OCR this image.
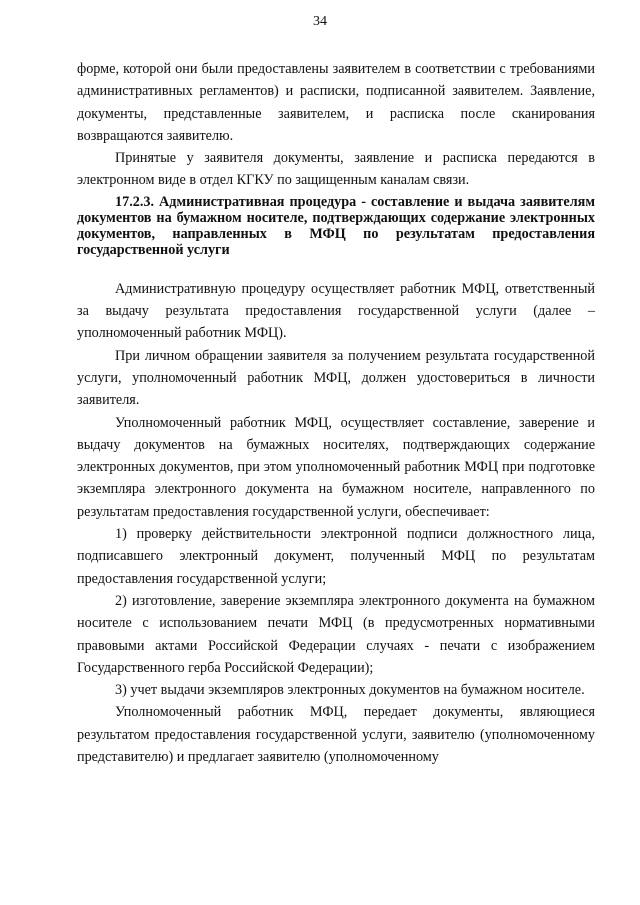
34

форме, которой они были предоставлены заявителем в соответствии с требованиями административных регламентов) и расписки, подписанной заявителем. Заявление, документы, представленные заявителем, и расписка после сканирования возвращаются заявителю.

Принятые у заявителя документы, заявление и расписка передаются в электронном виде в отдел КГКУ по защищенным каналам связи.

17.2.3. Административная процедура - составление и выдача заявителям документов на бумажном носителе, подтверждающих содержание электронных документов, направленных в МФЦ по результатам предоставления государственной услуги

Административную процедуру осуществляет работник МФЦ, ответственный за выдачу результата предоставления государственной услуги (далее – уполномоченный работник МФЦ).

При личном обращении заявителя за получением результата государственной услуги, уполномоченный работник МФЦ, должен удостовериться в личности заявителя.

Уполномоченный работник МФЦ, осуществляет составление, заверение и выдачу документов на бумажных носителях, подтверждающих содержание электронных документов, при этом уполномоченный работник МФЦ при подготовке экземпляра электронного документа на бумажном носителе, направленного по результатам предоставления государственной услуги, обеспечивает:

1) проверку действительности электронной подписи должностного лица, подписавшего электронный документ, полученный МФЦ по результатам предоставления государственной услуги;

2) изготовление, заверение экземпляра электронного документа на бумажном носителе с использованием печати МФЦ (в предусмотренных нормативными правовыми актами Российской Федерации случаях - печати с изображением Государственного герба Российской Федерации);

3) учет выдачи экземпляров электронных документов на бумажном носителе.

Уполномоченный работник МФЦ, передает документы, являющиеся результатом предоставления государственной услуги, заявителю (уполномоченному представителю) и предлагает заявителю (уполномоченному
